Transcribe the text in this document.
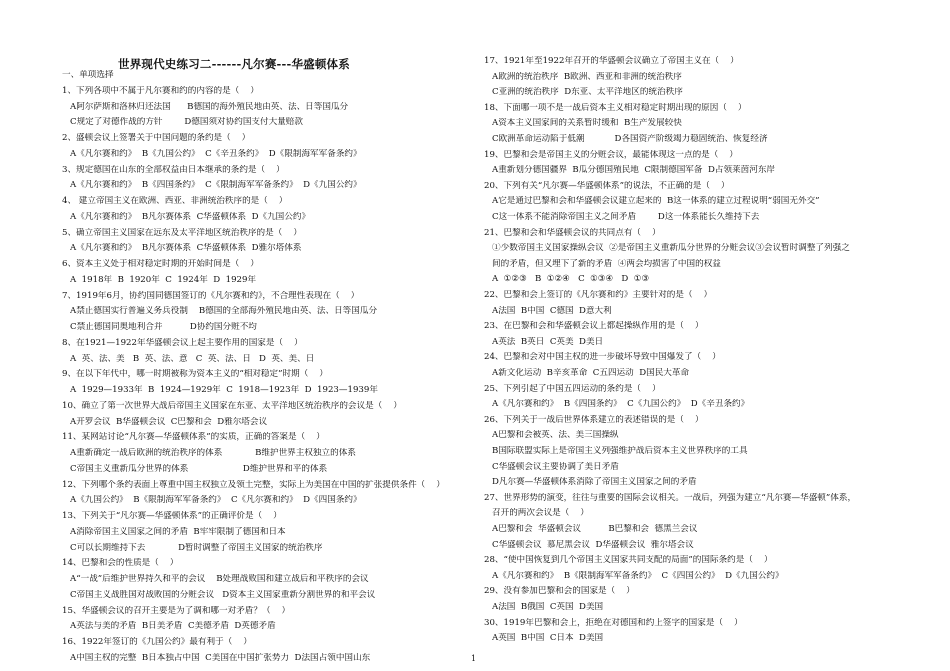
世界现代史练习二------凡尔赛---华盛顿体系
一、单项选择
1、下列各项中不属于凡尔赛和约的内容的是（    ）
A阿尔萨斯和洛林归还法国      B德国的海外殖民地由英、法、日等国瓜分
C规定了对德作战的方针        D德国须对协约国支付大量赔款
2、盛顿会议上签署关于中国问题的条约是（    ）
A《凡尔赛和约》  B《九国公约》  C《辛丑条约》  D《限制海军军备条约》
3、规定德国在山东的全部权益由日本继承的条约是（    ）
A《凡尔赛和约》  B《四国条约》  C《限制海军军备条约》  D《九国公约》
4、 建立帝国主义在欧洲、西亚、非洲统治秩序的是（    ）
A《凡尔赛和约》  B凡尔赛体系  C华盛顿体系  D《九国公约》
5、确立帝国主义国家在远东及太平洋地区统治秩序的是（    ）
A《凡尔赛和约》  B凡尔赛体系  C华盛顿体系  D雅尔塔体系
6、资本主义处于相对稳定时期的开始时间是（    ）
A  1918年  B  1920年  C  1924年  D  1929年
7、1919年6月，协约国同德国签订的《凡尔赛和约》，不合理性表现在（    ）
A禁止德国实行普遍义务兵役制    B德国的全部海外殖民地由英、法、日等国瓜分
C禁止德国同奥地利合并          D协约国分赃不均
8、在1921—1922年华盛顿会议上起主要作用的国家是（    ）
A  英、法、美   B  英、法、意   C  英、法、日   D  英、美、日
9、在以下年代中，哪一时期被称为资本主义的“相对稳定”时期（    ）
A  1929—1933年  B  1924—1929年  C  1918—1923年  D  1923—1939年
10、确立了第一次世界大战后帝国主义国家在东亚、太平洋地区统治秩序的会议是（    ）
A开罗会议  B华盛顿会议  C巴黎和会  D雅尔塔会议
11、某网站讨论“凡尔赛—华盛顿体系”的实质，正确的答案是（    ）
A重新确定一战后欧洲的统治秩序的体系            B维护世界主权独立的体系
C帝国主义重新瓜分世界的体系                    D维护世界和平的体系
12、下列哪个条约表面上尊重中国主权独立及领土完整，实际上为美国在中国的扩张提供条件（    ）
A《九国公约》  B《限制海军军备条约》  C《凡尔赛和约》  D《四国条约》
13、下列关于“凡尔赛—华盛顿体系”的正确评价是（    ）
A消除帝国主义国家之间的矛盾  B牢牢限制了德国和日本
C可以长期维持下去            D暂时调整了帝国主义国家的统治秩序
14、巴黎和会的性质是（    ）
A“一战”后维护世界持久和平的会议    B处理战败国和建立战后和平秩序的会议
C帝国主义战胜国对战败国的分赃会议   D资本主义国家重新分割世界的和平会议
15、华盛顿会议的召开主要是为了调和哪一对矛盾？（    ）
A英法与美的矛盾  B日美矛盾  C美德矛盾  D英德矛盾
16、1922年签订的《九国公约》最有利于（    ）
A中国主权的完整  B日本独占中国  C美国在中国扩张势力  D法国占领中国山东
17、1921年至1922年召开的华盛顿会议确立了帝国主义在（    ）
A欧洲的统治秩序  B欧洲、西亚和非洲的统治秩序
C亚洲的统治秩序  D东亚、太平洋地区的统治秩序
18、下面哪一项不是一战后资本主义相对稳定时期出现的原因（    ）
A资本主义国家间的关系暂时缓和  B生产发展较快
C欧洲革命运动陷于低潮           D各国资产阶级竭力稳固统治、恢复经济
19、巴黎和会是帝国主义的分赃会议，最能体现这一点的是（    ）
A重新划分德国疆界  B瓜分德国殖民地  C限制德国军备  D占领莱茵河东岸
20、下列有关“凡尔赛—华盛顿体系”的说法，不正确的是（    ）
A它是通过巴黎和会和华盛顿会议建立起来的  B这一体系的建立过程说明“弱国无外交”
C这一体系不能消除帝国主义之间矛盾        D这一体系能长久维持下去
21、巴黎和会和华盛顿会议的共同点有（    ）
①少数帝国主义国家操纵会议  ②是帝国主义重新瓜分世界的分赃会议③会议暂时调整了列强之
间的矛盾，但又埋下了新的矛盾  ④两会均损害了中国的权益
A  ①②③   B  ①②④   C  ①③④   D  ①③
22、巴黎和会上签订的《凡尔赛和约》主要针对的是（    ）
A法国  B中国  C德国  D意大利
23、在巴黎和会和华盛顿会议上都起操纵作用的是（    ）
A英法  B英日  C英美  D美日
24、巴黎和会对中国主权的进一步破坏导致中国爆发了（    ）
A新文化运动  B辛亥革命  C五四运动  D国民大革命
25、下列引起了中国五四运动的条约是（    ）
A《凡尔赛和约》  B《四国条约》  C《九国公约》  D《辛丑条约》
26、下列关于一战后世界体系建立的表述错误的是（    ）
A巴黎和会被英、法、美三国操纵
B国际联盟实际上是帝国主义列强维护战后资本主义世界秩序的工具
C华盛顿会议主要协调了美日矛盾
D凡尔赛—华盛顿体系消除了帝国主义国家之间的矛盾
27、世界形势的演变，往往与重要的国际会议相关。一战后，列强为建立“凡尔赛—华盛顿”体系，
召开的两次会议是（    ）
A巴黎和会  华盛顿会议          B巴黎和会  德黑兰会议
C华盛顿会议  慕尼黑会议  D华盛顿会议  雅尔塔会议
28、“使中国恢复到几个帝国主义国家共同支配的局面”的国际条约是（    ）
A《凡尔赛和约》  B《限制海军军备条约》  C《四国公约》  D《九国公约》
29、没有参加巴黎和会的国家是（    ）
A法国  B俄国  C英国  D美国
30、1919年巴黎和会上，拒绝在对德国和约上签字的国家是（    ）
A英国  B中国  C日本  D美国
1
